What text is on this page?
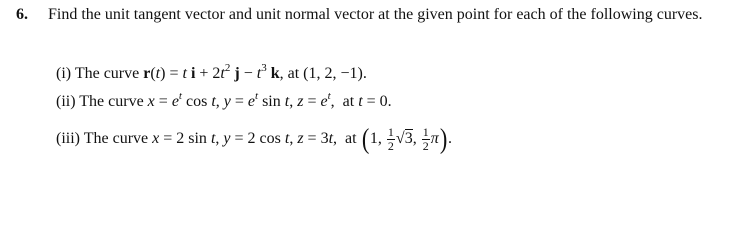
6. Find the unit tangent vector and unit normal vector at the given point for each of the following curves.
(i) The curve r(t) = t $i + 2t^2$ $j - t^3$ k, at (1, 2, −1).
(ii) The curve $x = e^t$ cos t, $y = e^t$ sin t, $z = e^t$, at t = 0.
(iii) The curve x = 2 sin t, y = 2 cos t, z = 3t, at (1, $\frac{1}{2} √3$, $\frac{1}{2} \pi$).
